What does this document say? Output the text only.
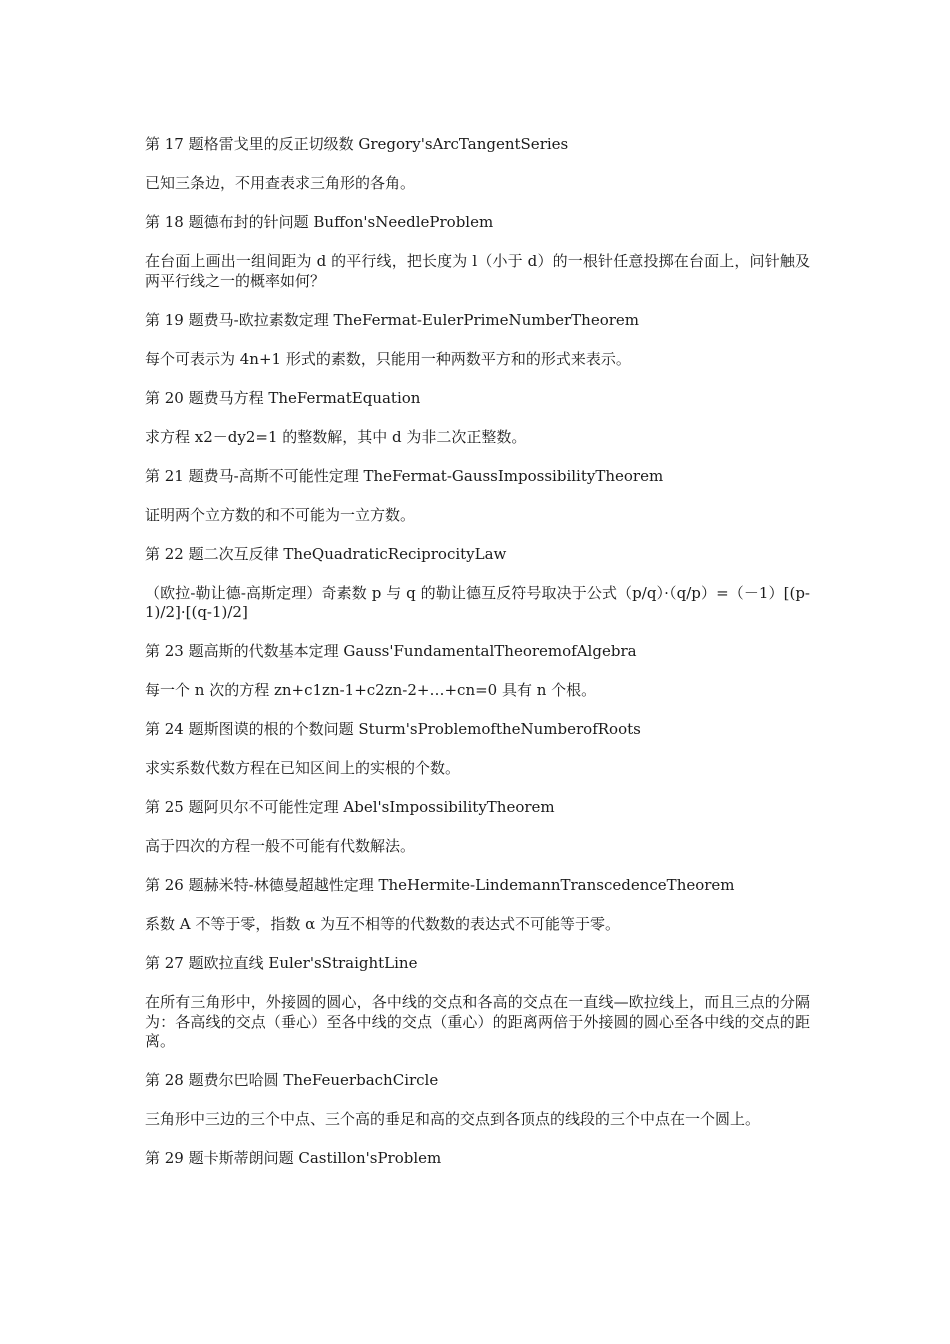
第 17 题格雷戈里的反正切级数 Gregory'sArcTangentSeries

已知三条边，不用查表求三角形的各角。

第 18 题德布封的针问题 Buffon'sNeedleProblem

在台面上画出一组间距为 d 的平行线，把长度为 l（小于 d）的一根针任意投掷在台面上，问针触及两平行线之一的概率如何？

第 19 题费马-欧拉素数定理 TheFermat-EulerPrimeNumberTheorem

每个可表示为 4n+1 形式的素数，只能用一种两数平方和的形式来表示。

第 20 题费马方程 TheFermatEquation

求方程 x2－dy2=1 的整数解，其中 d 为非二次正整数。

第 21 题费马-高斯不可能性定理 TheFermat-GaussImpossibilityTheorem

证明两个立方数的和不可能为一立方数。

第 22 题二次互反律 TheQuadraticReciprocityLaw

（欧拉-勒让德-高斯定理）奇素数 p 与 q 的勒让德互反符号取决于公式（p/q）·（q/p）=（－1）[(p-1)/2]·[(q-1)/2]

第 23 题高斯的代数基本定理 Gauss'FundamentalTheoremofAlgebra

每一个 n 次的方程 zn+c1zn-1+c2zn-2+…+cn=0 具有 n 个根。

第 24 题斯图谟的根的个数问题 Sturm'sProblemoftheNumberofRoots

求实系数代数方程在已知区间上的实根的个数。

第 25 题阿贝尔不可能性定理 Abel'sImpossibilityTheorem

高于四次的方程一般不可能有代数解法。

第 26 题赫米特-林德曼超越性定理 TheHermite-LindemannTranscedenceTheorem

系数 A 不等于零，指数 α 为互不相等的代数数的表达式不可能等于零。

第 27 题欧拉直线 Euler'sStraightLine

在所有三角形中，外接圆的圆心，各中线的交点和各高的交点在一直线—欧拉线上，而且三点的分隔为：各高线的交点（垂心）至各中线的交点（重心）的距离两倍于外接圆的圆心至各中线的交点的距离。

第 28 题费尔巴哈圆 TheFeuerbachCircle

三角形中三边的三个中点、三个高的垂足和高的交点到各顶点的线段的三个中点在一个圆上。

第 29 题卡斯蒂朗问题 Castillon'sProblem
